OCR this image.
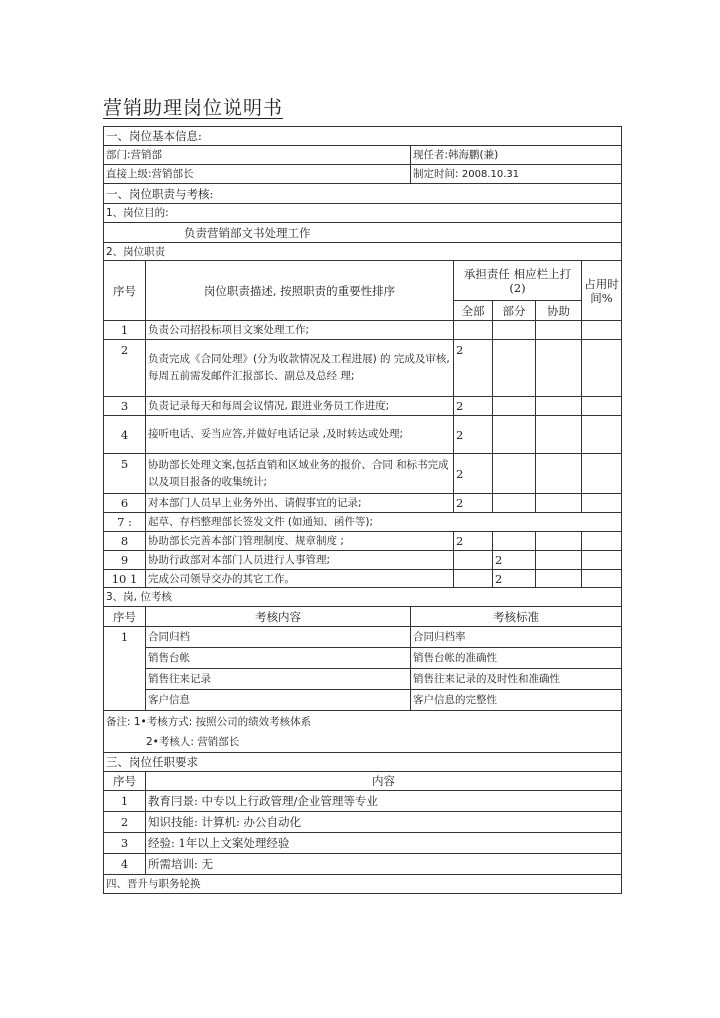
营销助理岗位说明书
一、岗位基本信息:						
部门:营销部		现任者:韩海鹏(兼)				
直接上级:营销部长		制定时间: 2008.10.31				
一、岗位职责与考核:						
1、岗位目的:						
负责营销部文书处理工作						
2、岗位职责						
序号	岗位职责描述, 按照职责的重要性排序		承担责任 相应栏上打(2)			占用时间%
			全部	部分	协助	
1	负责公司招投标项目文案处理工作;					
2	负责完成《合同处理》(分为收款情况及工程进展) 的 完成及审核,每周五前需发邮件汇报部长、副总及总经 理;		2			
3	负责记录每天和每周会议情况, 跟进业务员工作进度;		2			
4	接听电话、妥当应答,并做好电话记录 ,及时转达或处理;		2			
5	协助部长处理文案,包括直销和区域业务的报价、合同 和标书完成以及项目报备的收集统计;		2			
6	对本部门人员早上业务外出、请假事宜的记录;		2			
7 :	起草、存档整理部长签发文件 (如通知、函件等);					
8	协助部长完善本部门管理制度、规章制度 ;		2			
9	协助行政部对本部门人员进行人事管理;			2		
10 1	完成公司领导交办的其它工作。			2		
3、岗, 位考核						
序号	考核内容	考核标准				
1	合同归档	合同归档率				
	销售台帐	销售台帐的准确性				
	销售往来记录	销售往来记录的及时性和准确性				
	客户信息	客户信息的完整性				

备注: 1•考核方式: 按照公司的绩效考核体系
2•考核人: 营销部长						

三、岗位任职要求						
序号	内容					
1	教育冃景: 中专以上行政管理/企业管理等专业					
2	知识技能: 计算机: 办公自动化					
3	经验: 1年以上文案处理经验					
4	所需培训: 无					
四、晋升与职务轮换						
